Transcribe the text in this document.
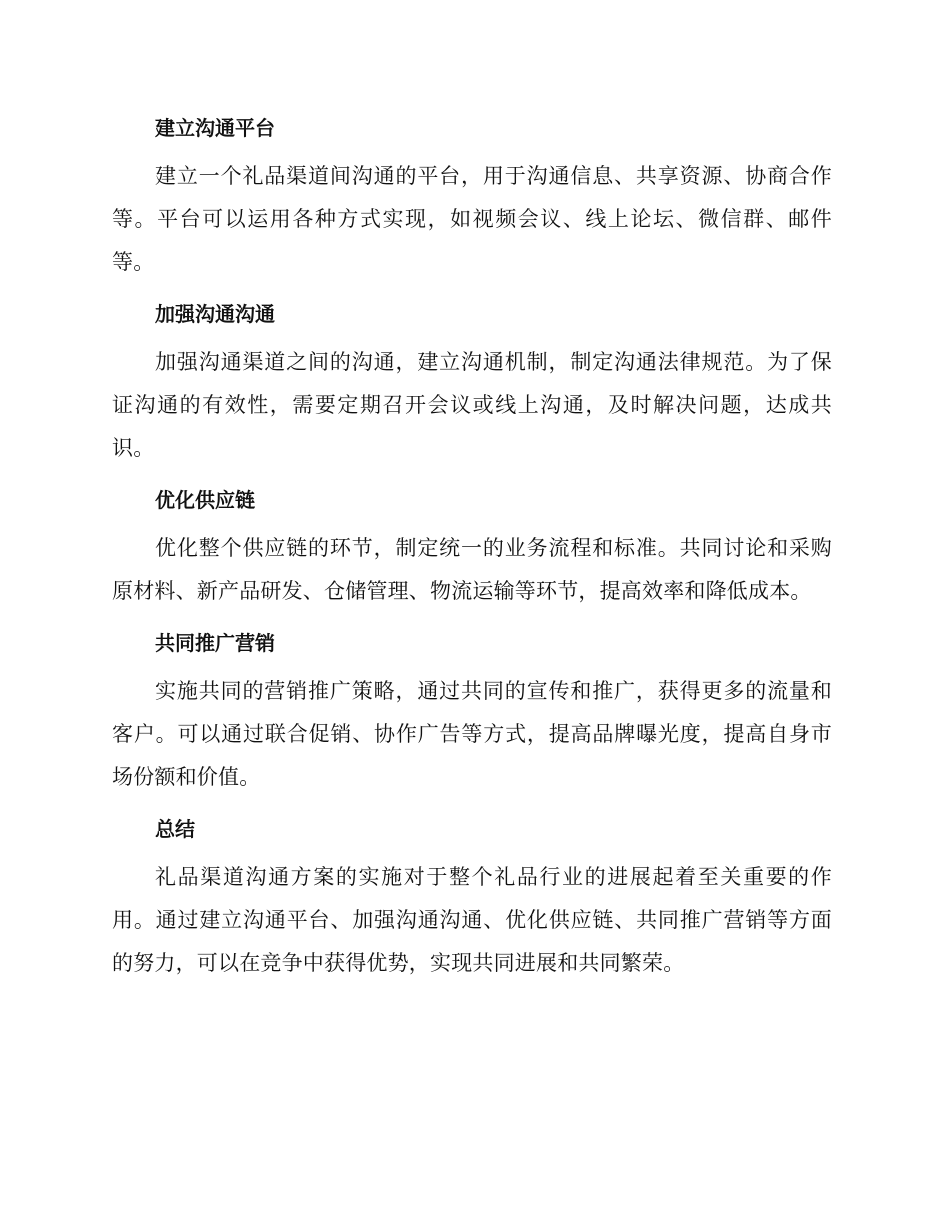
建立沟通平台

建立一个礼品渠道间沟通的平台，用于沟通信息、共享资源、协商合作等。平台可以运用各种方式实现，如视频会议、线上论坛、微信群、邮件等。

加强沟通沟通

加强沟通渠道之间的沟通，建立沟通机制，制定沟通法律规范。为了保证沟通的有效性，需要定期召开会议或线上沟通，及时解决问题，达成共识。

优化供应链

优化整个供应链的环节，制定统一的业务流程和标准。共同讨论和采购原材料、新产品研发、仓储管理、物流运输等环节，提高效率和降低成本。

共同推广营销

实施共同的营销推广策略，通过共同的宣传和推广，获得更多的流量和客户。可以通过联合促销、协作广告等方式，提高品牌曝光度，提高自身市场份额和价值。

总结

礼品渠道沟通方案的实施对于整个礼品行业的进展起着至关重要的作用。通过建立沟通平台、加强沟通沟通、优化供应链、共同推广营销等方面的努力，可以在竞争中获得优势，实现共同进展和共同繁荣。
